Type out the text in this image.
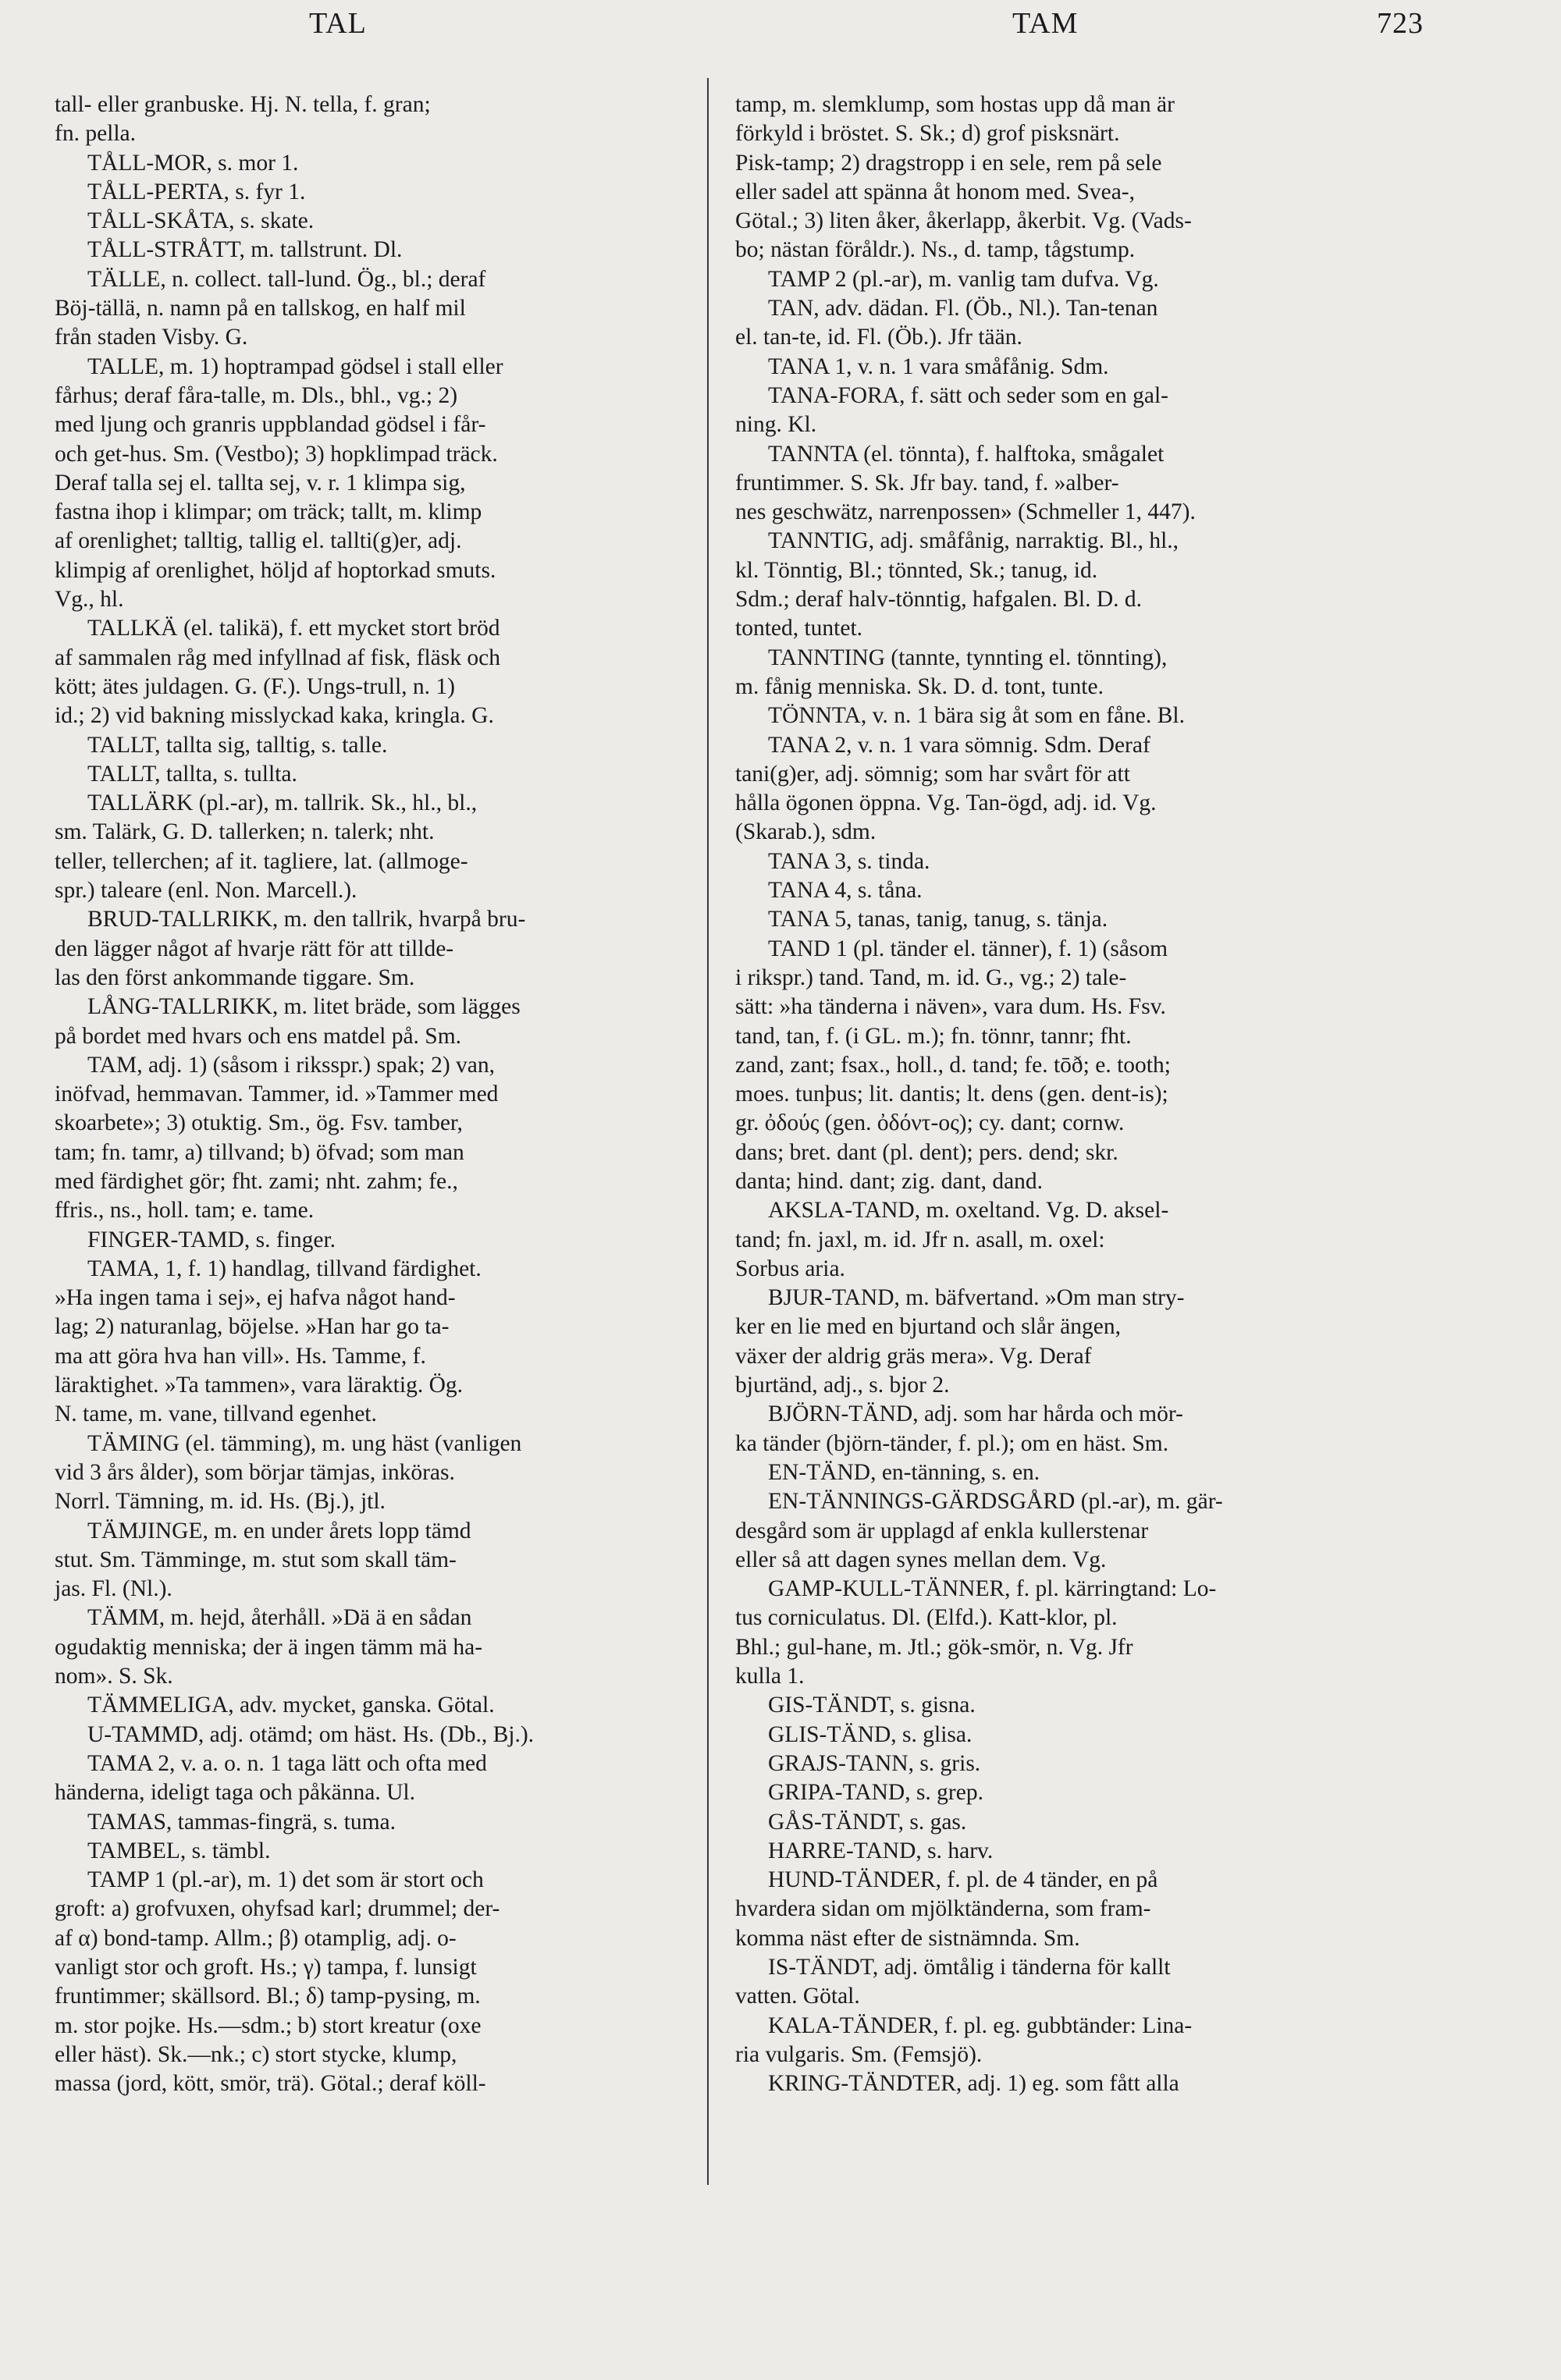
TAL	TAM	723
tall- eller granbuske. Hj. N. tella, f. gran;
fn. pella.
TÅLL-MOR, s. mor 1.
TÅLL-PERTA, s. fyr 1.
TÅLL-SKÅTA, s. skate.
TÅLL-STRÅTT, m. tallstrunt. Dl.
TÄLLE, n. collect. tall-lund. Ög., bl.; deraf
Böj-tällä, n. namn på en tallskog, en half mil
från staden Visby. G.
TALLE, m. 1) hoptrampad gödsel i stall eller
fårhus; deraf fåra-talle, m. Dls., bhl., vg.; 2)
med ljung och granris uppblandad gödsel i får-
och get-hus. Sm. (Vestbo); 3) hopklimpad träck.
Deraf talla sej el. tallta sej, v. r. 1 klimpa sig,
fastna ihop i klimpar; om träck; tallt, m. klimp
af orenlighet; talltig, tallig el. tallti(g)er, adj.
klimpig af orenlighet, höljd af hoptorkad smuts.
Vg., hl.
TALLKÄ (el. talikä), f. ett mycket stort bröd
af sammalen råg med infyllnad af fisk, fläsk och
kött; ätes juldagen. G. (F.). Ungs-trull, n. 1)
id.; 2) vid bakning misslyckad kaka, kringla. G.
TALLT, tallta sig, talltig, s. talle.
TALLT, tallta, s. tullta.
TALLÄRK (pl.-ar), m. tallrik. Sk., hl., bl.,
sm. Talärk, G. D. tallerken; n. talerk; nht.
teller, tellerchen; af it. tagliere, lat. (allmoge-
spr.) taleare (enl. Non. Marcell.).
BRUD-TALLRIKK, m. den tallrik, hvarpå bru-
den lägger något af hvarje rätt för att tillde-
las den först ankommande tiggare. Sm.
LÅNG-TALLRIKK, m. litet bräde, som lägges
på bordet med hvars och ens matdel på. Sm.
TAM, adj. 1) (såsom i riksspr.) spak; 2) van,
inöfvad, hemmavan. Tammer, id. »Tammer med
skoarbete»; 3) otuktig. Sm., ög. Fsv. tamber,
tam; fn. tamr, a) tillvand; b) öfvad; som man
med färdighet gör; fht. zami; nht. zahm; fe.,
ffris., ns., holl. tam; e. tame.
FINGER-TAMD, s. finger.
TAMA, 1, f. 1) handlag, tillvand färdighet.
»Ha ingen tama i sej», ej hafva något hand-
lag; 2) naturanlag, böjelse. »Han har go ta-
ma att göra hva han vill». Hs. Tamme, f.
läraktighet. »Ta tammen», vara läraktig. Ög.
N. tame, m. vane, tillvand egenhet.
TÄMING (el. tämming), m. ung häst (vanligen
vid 3 års ålder), som börjar tämjas, inköras.
Norrl. Tämning, m. id. Hs. (Bj.), jtl.
TÄMJINGE, m. en under årets lopp tämd
stut. Sm. Tämminge, m. stut som skall täm-
jas. Fl. (Nl.).
TÄMM, m. hejd, återhåll. »Dä ä en sådan
ogudaktig menniska; der ä ingen tämm mä ha-
nom». S. Sk.
TÄMMELIGA, adv. mycket, ganska. Götal.
U-TAMMD, adj. otämd; om häst. Hs. (Db., Bj.).
TAMA 2, v. a. o. n. 1 taga lätt och ofta med
händerna, ideligt taga och påkänna. Ul.
TAMAS, tammas-fingrä, s. tuma.
TAMBEL, s. tämbl.
TAMP 1 (pl.-ar), m. 1) det som är stort och
groft: a) grofvuxen, ohyfsad karl; drummel; der-
af α) bond-tamp. Allm.; β) otamplig, adj. o-
vanligt stor och groft. Hs.; γ) tampa, f. lunsigt
fruntimmer; skällsord. Bl.; δ) tamp-pysing, m.
m. stor pojke. Hs.—sdm.; b) stort kreatur (oxe
eller häst). Sk.—nk.; c) stort stycke, klump,
massa (jord, kött, smör, trä). Götal.; deraf köll-
tamp, m. slemklump, som hostas upp då man är
förkyld i bröstet. S. Sk.; d) grof pisksnärt.
Pisk-tamp; 2) dragstropp i en sele, rem på sele
eller sadel att spänna åt honom med. Svea-,
Götal.; 3) liten åker, åkerlapp, åkerbit. Vg. (Vads-
bo; nästan föråldr.). Ns., d. tamp, tågstump.
TAMP 2 (pl.-ar), m. vanlig tam dufva. Vg.
TAN, adv. dädan. Fl. (Öb., Nl.). Tan-tenan
el. tan-te, id. Fl. (Öb.). Jfr tään.
TANA 1, v. n. 1 vara småfånig. Sdm.
TANA-FORA, f. sätt och seder som en gal-
ning. Kl.
TANNTA (el. tönnta), f. halftoka, smågalet
fruntimmer. S. Sk. Jfr bay. tand, f. »alber-
nes geschwätz, narrenpossen» (Schmeller 1, 447).
TANNTIG, adj. småfånig, narraktig. Bl., hl.,
kl. Tönntig, Bl.; tönnted, Sk.; tanug, id.
Sdm.; deraf halv-tönntig, hafgalen. Bl. D. d.
tonted, tuntet.
TANNTING (tannte, tynnting el. tönnting),
m. fånig menniska. Sk. D. d. tont, tunte.
TÖNNTA, v. n. 1 bära sig åt som en fåne. Bl.
TANA 2, v. n. 1 vara sömnig. Sdm. Deraf
tani(g)er, adj. sömnig; som har svårt för att
hålla ögonen öppna. Vg. Tan-ögd, adj. id. Vg.
(Skarab.), sdm.
TANA 3, s. tinda.
TANA 4, s. tåna.
TANA 5, tanas, tanig, tanug, s. tänja.
TAND 1 (pl. tänder el. tänner), f. 1) (såsom
i rikspr.) tand. Tand, m. id. G., vg.; 2) tale-
sätt: »ha tänderna i näven», vara dum. Hs. Fsv.
tand, tan, f. (i GL. m.); fn. tönnr, tannr; fht.
zand, zant; fsax., holl., d. tand; fe. tōð; e. tooth;
moes. tunþus; lit. dantis; lt. dens (gen. dent-is);
gr. ὀδούς (gen. ὀδόντ-ος); cy. dant; cornw.
dans; bret. dant (pl. dent); pers. dend; skr.
danta; hind. dant; zig. dant, dand.
AKSLA-TAND, m. oxeltand. Vg. D. aksel-
tand; fn. jaxl, m. id. Jfr n. asall, m. oxel:
Sorbus aria.
BJUR-TAND, m. bäfvertand. »Om man stry-
ker en lie med en bjurtand och slår ängen,
växer der aldrig gräs mera». Vg. Deraf
bjurtänd, adj., s. bjor 2.
BJÖRN-TÄND, adj. som har hårda och mör-
ka tänder (björn-tänder, f. pl.); om en häst. Sm.
EN-TÄND, en-tänning, s. en.
EN-TÄNNINGS-GÄRDSGÅRD (pl.-ar), m. gär-
desgård som är upplagd af enkla kullerstenar
eller så att dagen synes mellan dem. Vg.
GAMP-KULL-TÄNNER, f. pl. kärringtand: Lo-
tus corniculatus. Dl. (Elfd.). Katt-klor, pl.
Bhl.; gul-hane, m. Jtl.; gök-smör, n. Vg. Jfr
kulla 1.
GIS-TÄNDT, s. gisna.
GLIS-TÄND, s. glisa.
GRAJS-TANN, s. gris.
GRIPA-TAND, s. grep.
GÅS-TÄNDT, s. gas.
HARRE-TAND, s. harv.
HUND-TÄNDER, f. pl. de 4 tänder, en på
hvardera sidan om mjölktänderna, som fram-
komma näst efter de sistnämnda. Sm.
IS-TÄNDT, adj. ömtålig i tänderna för kallt
vatten. Götal.
KALA-TÄNDER, f. pl. eg. gubbtänder: Lina-
ria vulgaris. Sm. (Femsjö).
KRING-TÄNDTER, adj. 1) eg. som fått alla
